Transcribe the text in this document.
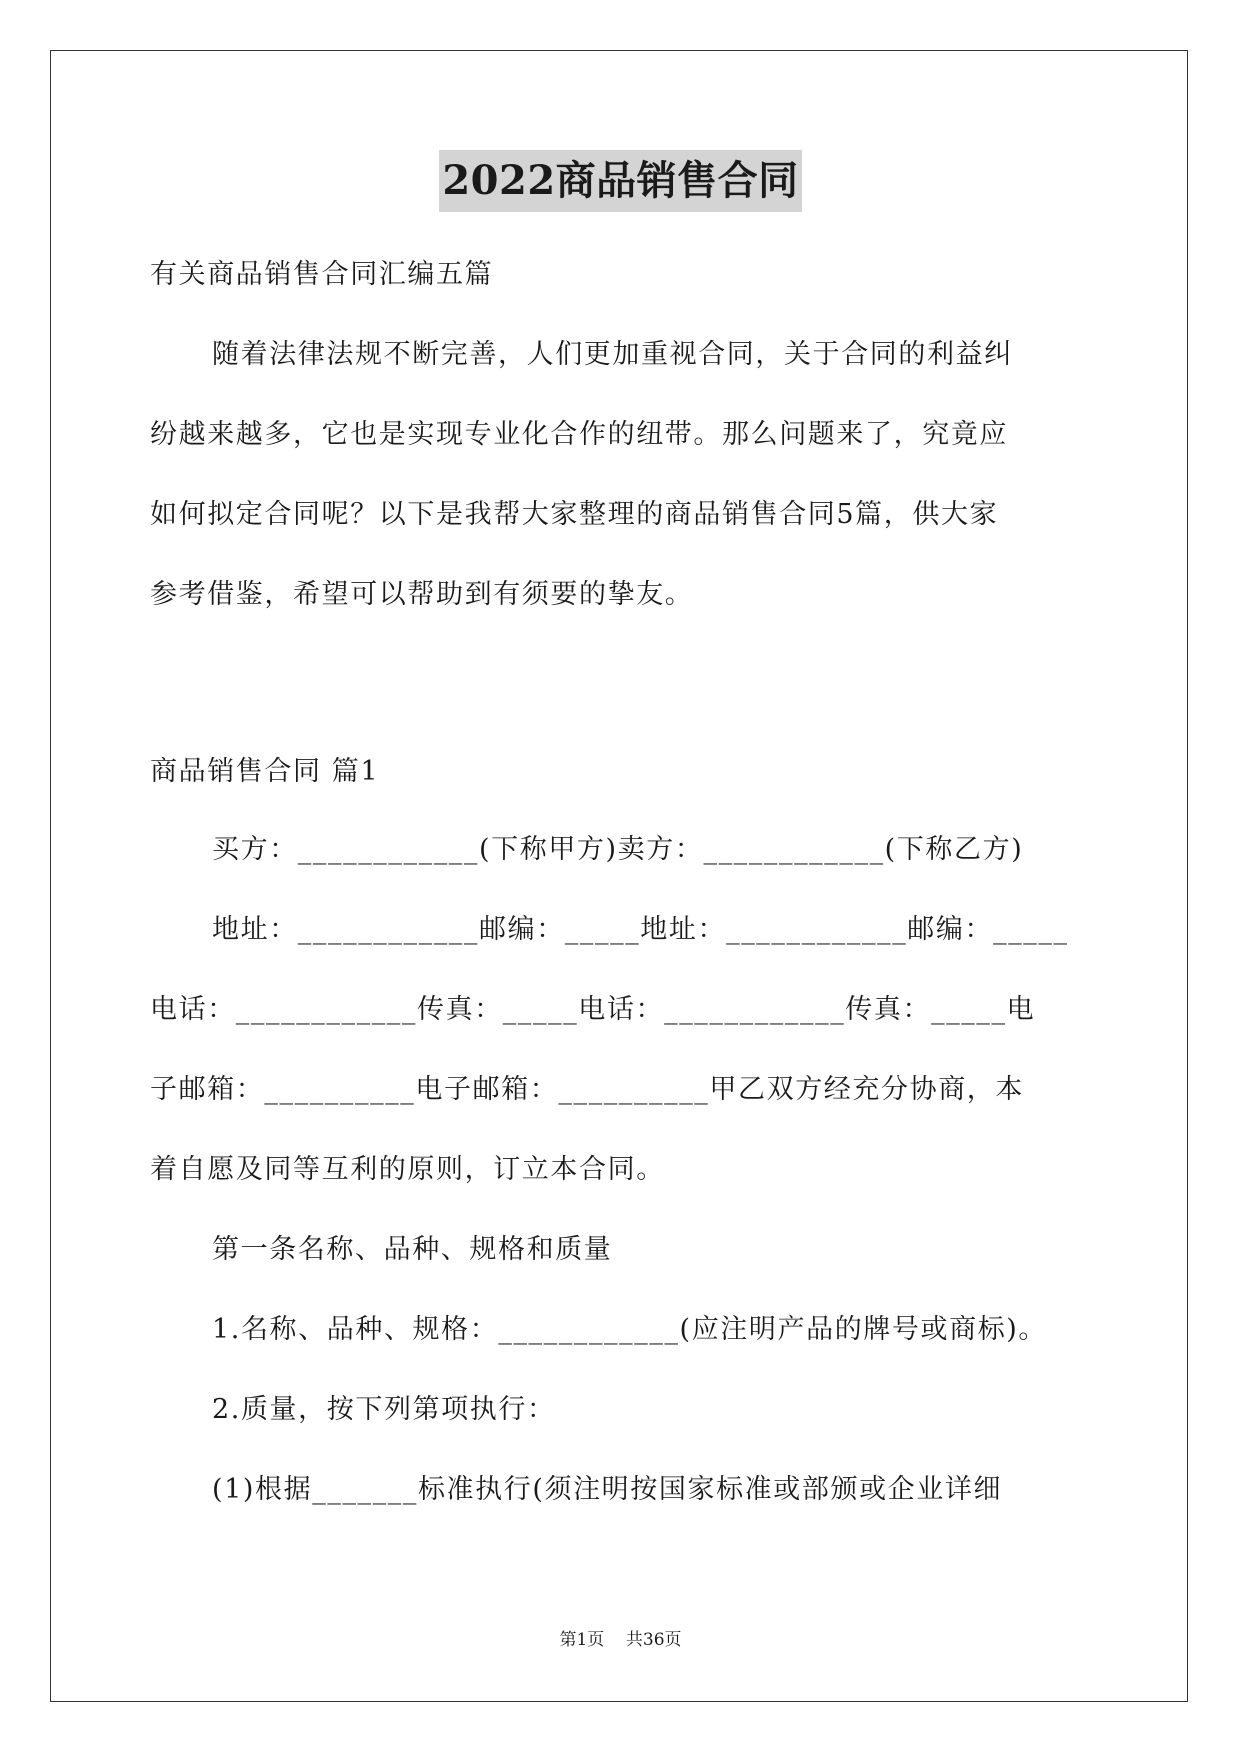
2022商品销售合同
有关商品销售合同汇编五篇
随着法律法规不断完善，人们更加重视合同，关于合同的利益纠
纷越来越多，它也是实现专业化合作的纽带。那么问题来了，究竟应
如何拟定合同呢？以下是我帮大家整理的商品销售合同5篇，供大家
参考借鉴，希望可以帮助到有须要的挚友。
商品销售合同 篇1
买方：____________(下称甲方)卖方：____________(下称乙方)
地址：____________邮编：_____地址：____________邮编：_____
电话：____________传真：_____电话：____________传真：_____电
子邮箱：__________电子邮箱：__________甲乙双方经充分协商，本
着自愿及同等互利的原则，订立本合同。
第一条名称、品种、规格和质量
1.名称、品种、规格：____________(应注明产品的牌号或商标)。
2.质量，按下列第项执行：
(1)根据_______标准执行(须注明按国家标准或部颁或企业详细
第1页    共36页
